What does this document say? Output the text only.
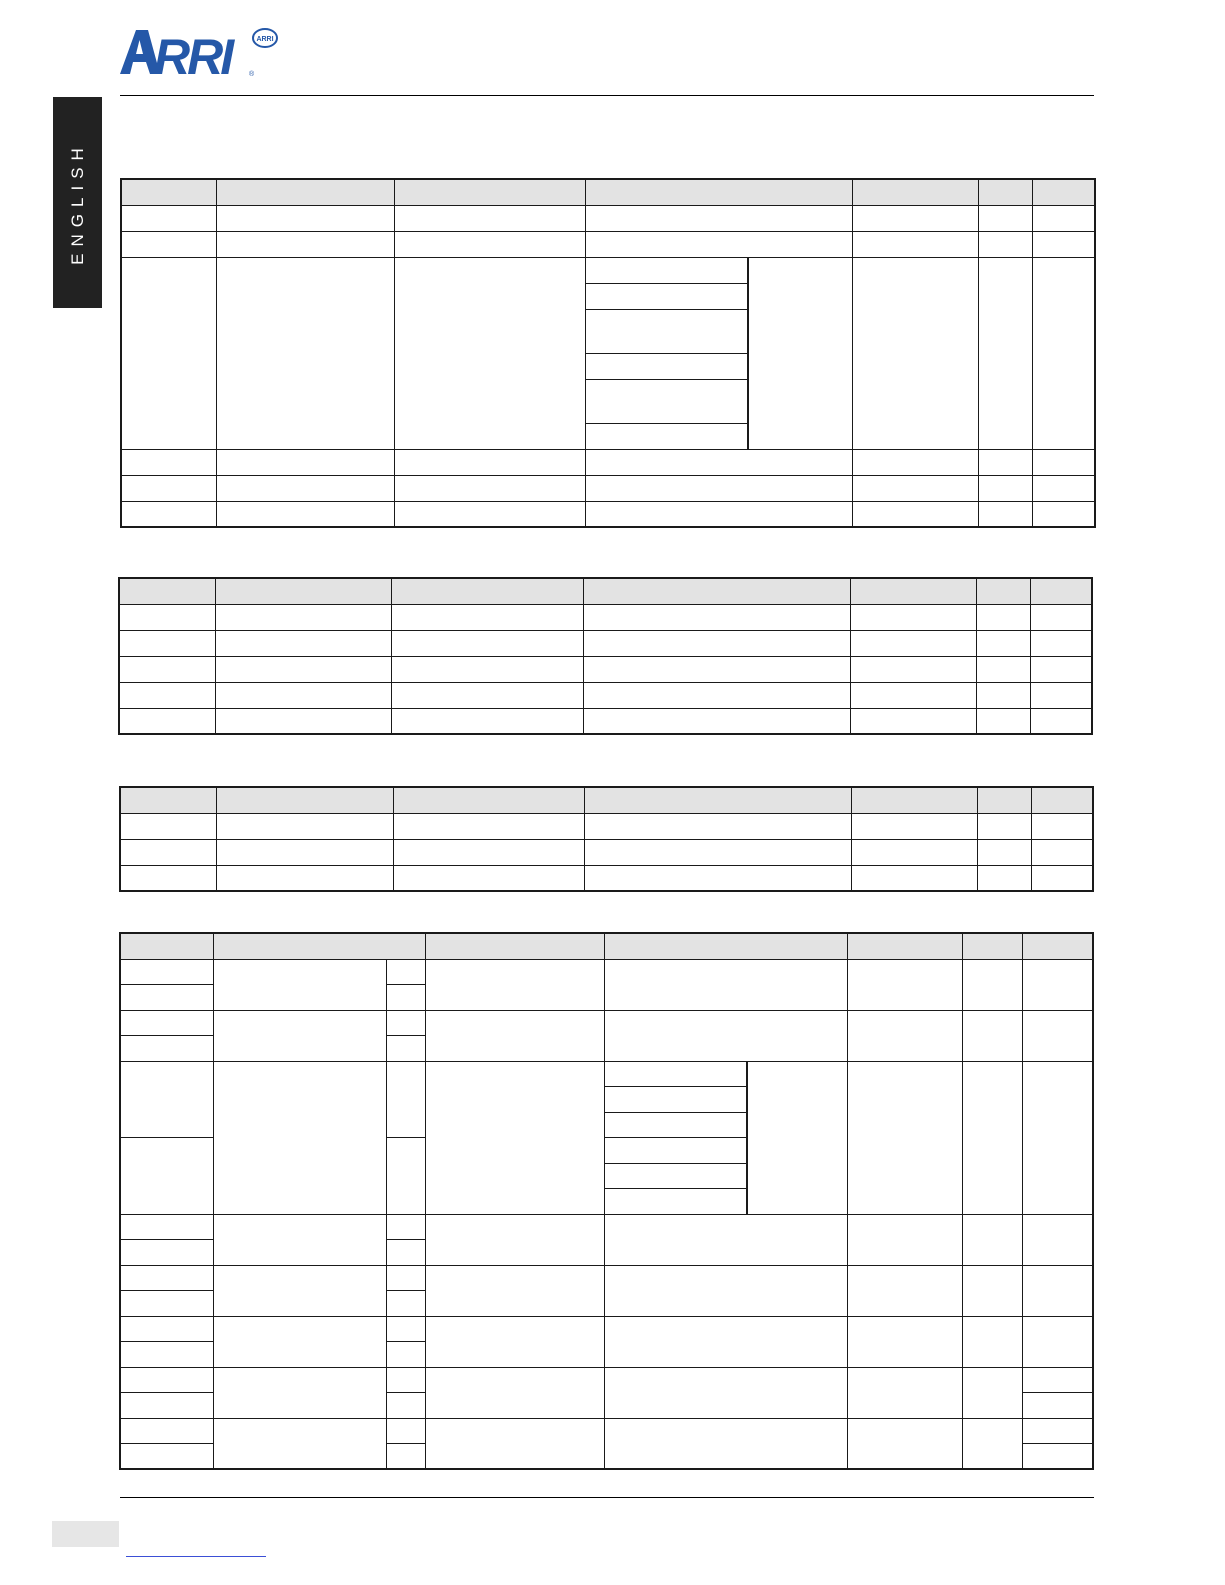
RRI	ARRI
®
ENGLISH
